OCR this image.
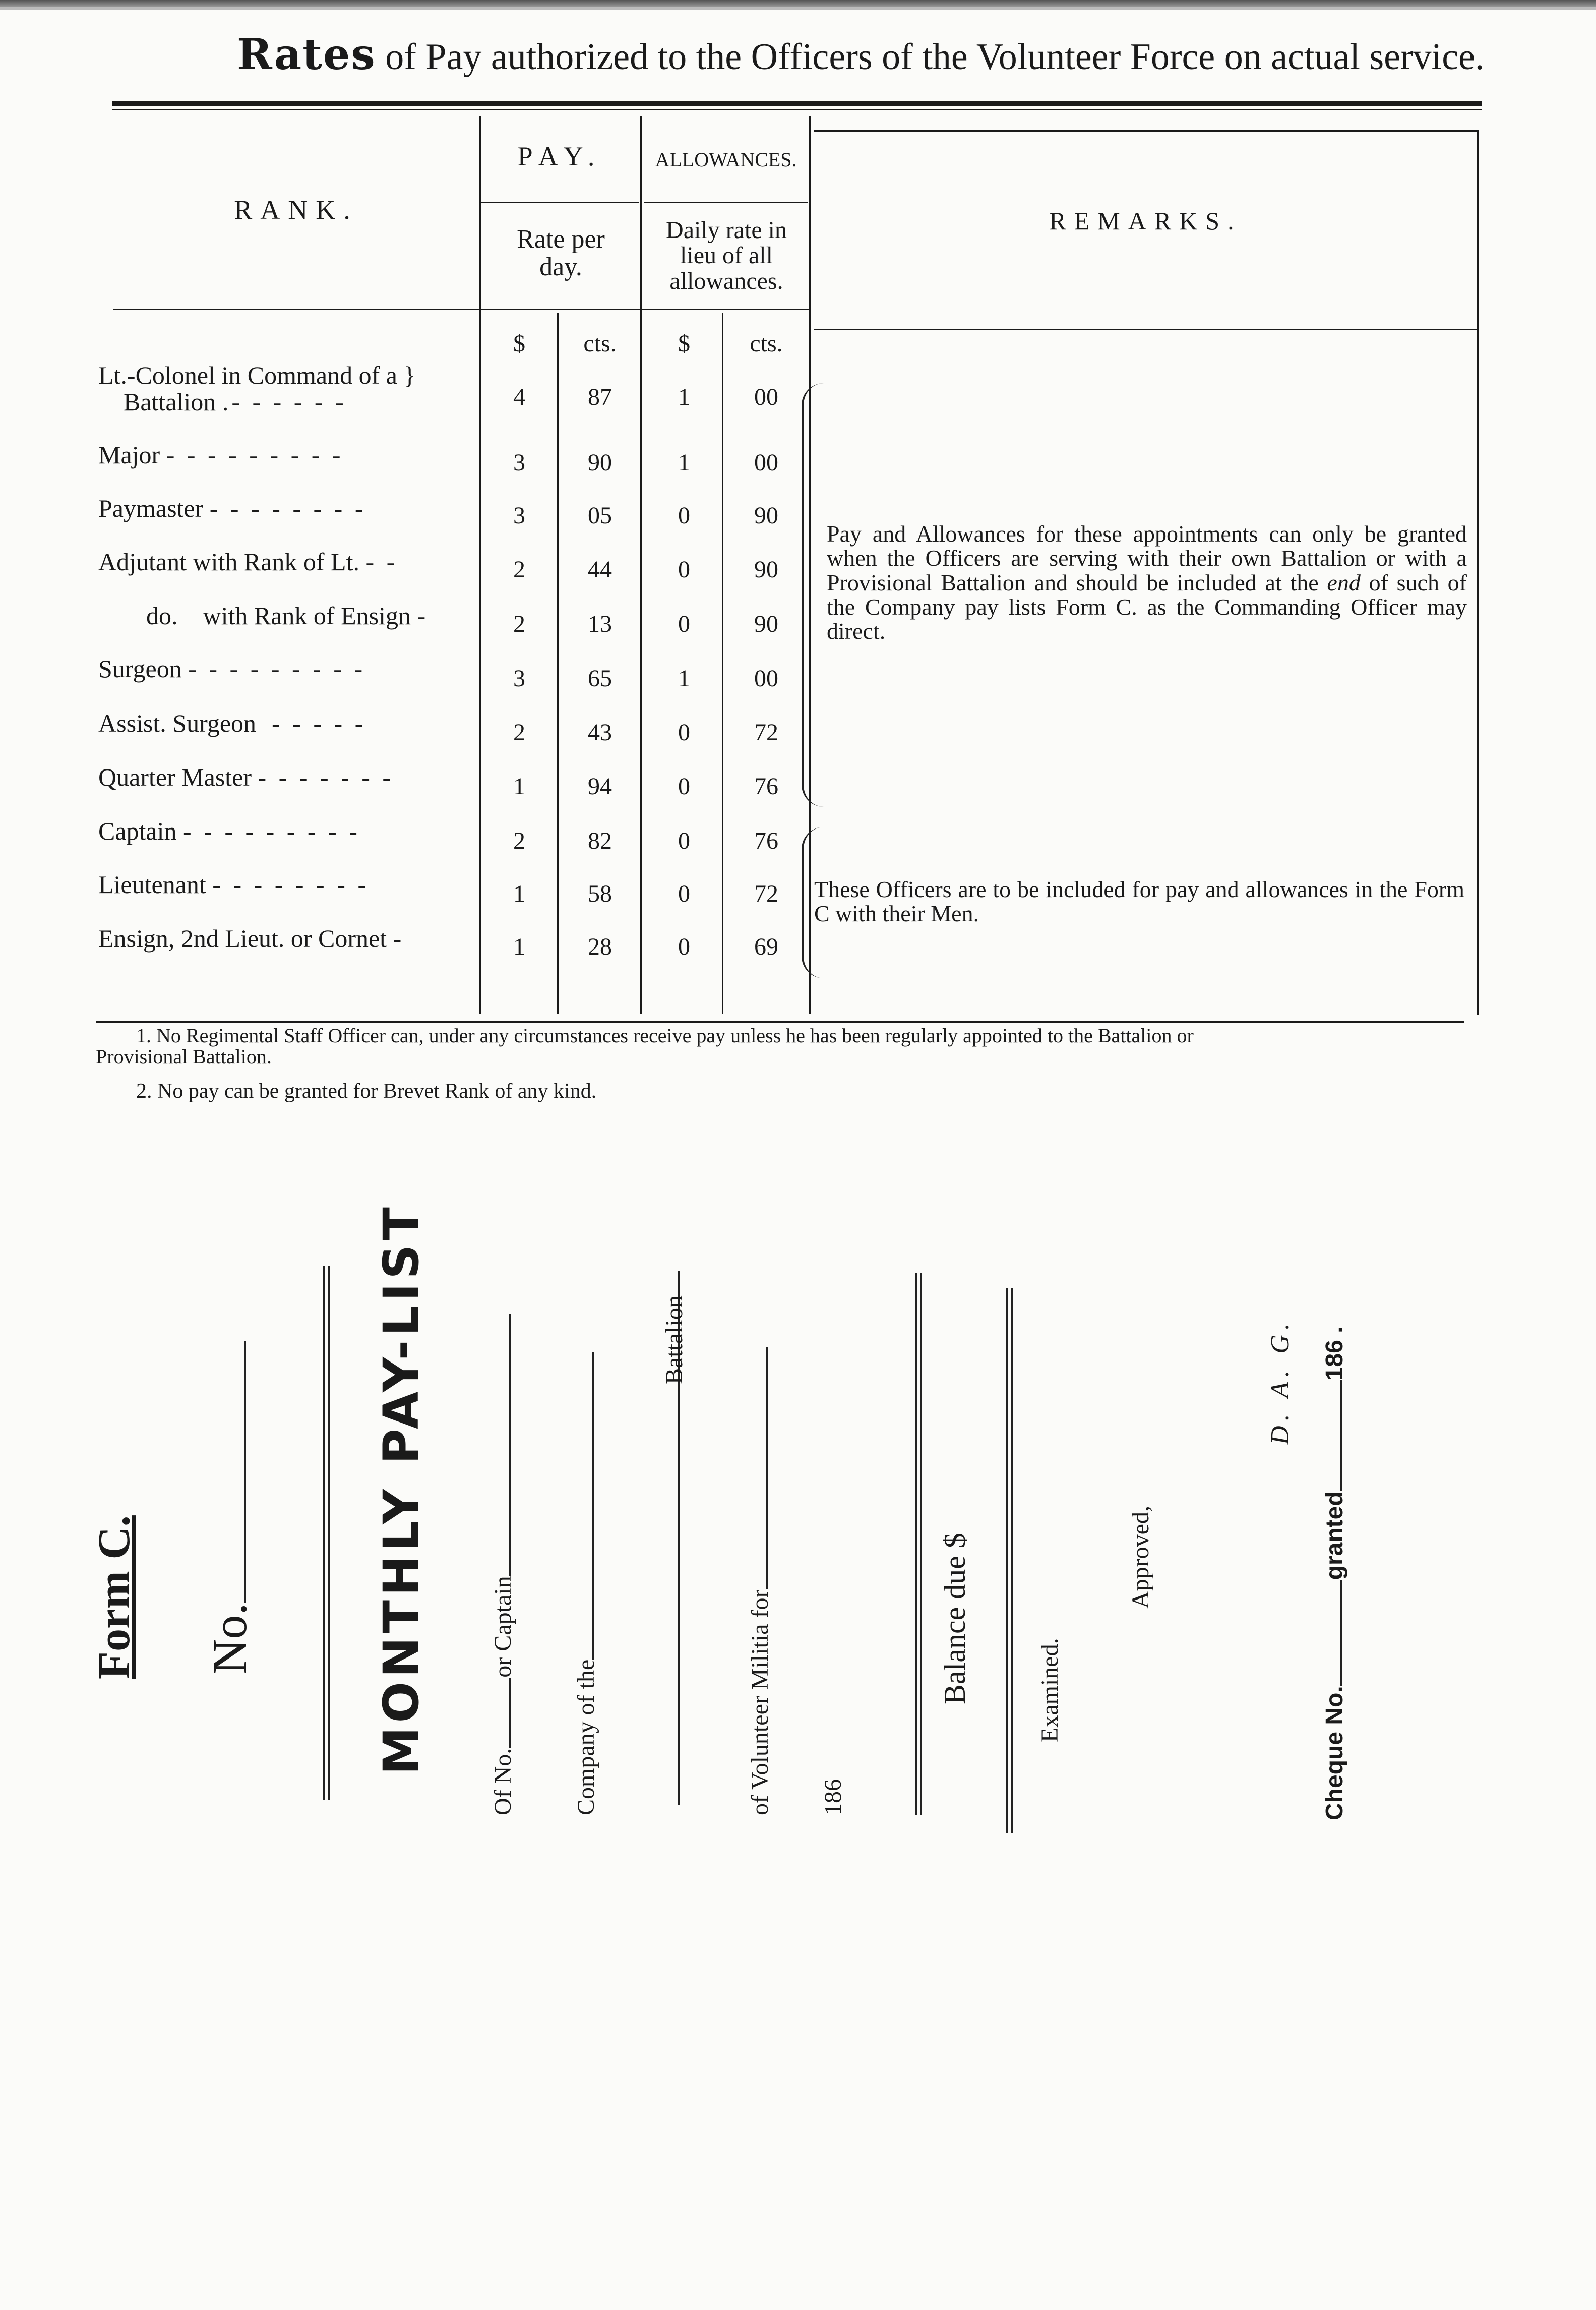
Rates of Pay authorized to the Officers of the Volunteer Force on actual service.
RANK.
PAY.	ALLOWANCES.
Rate per day.
Daily rate in lieu of all allowances.
REMARKS.
$	cts.	$	cts.
Lt.-Colonel in Command of a }
Battalion .- - - - - -	4	87	1	00
Major - - - - - - - - -	3	90	1	00
Paymaster - - - - - - - -	3	05	0	90
Adjutant with Rank of Lt. - -	2	44	0	90
do.    with Rank of Ensign -	2	13	0	90
Surgeon - - - - - - - - -	3	65	1	00
Assist. Surgeon  - - - - -	2	43	0	72
Quarter Master - - - - - - -	1	94	0	76
Captain - - - - - - - - -	2	82	0	76
Lieutenant - - - - - - - -	1	58	0	72
Ensign, 2nd Lieut. or Cornet -	1	28	0	69
Pay and Allowances for these appointments can only be granted when the Officers are serving with their own Battalion or with a Provisional Battalion and should be included at the end of such of the Company pay lists Form C. as the Commanding Officer may direct.
These Officers are to be included for pay and allowances in the Form C with their Men.
1. No Regimental Staff Officer can, under any circumstances receive pay unless he has been regularly appointed to the Battalion or
Provisional Battalion.
2. No pay can be granted for Brevet Rank of any kind.
Form C. No. MONTHLY PAY-LIST
Of No.or Captain
Company of the
Battalion
of Volunteer Militia for 186
Balance due $	Examined.
Approved,
D. A. G.
Cheque No.granted186 .
